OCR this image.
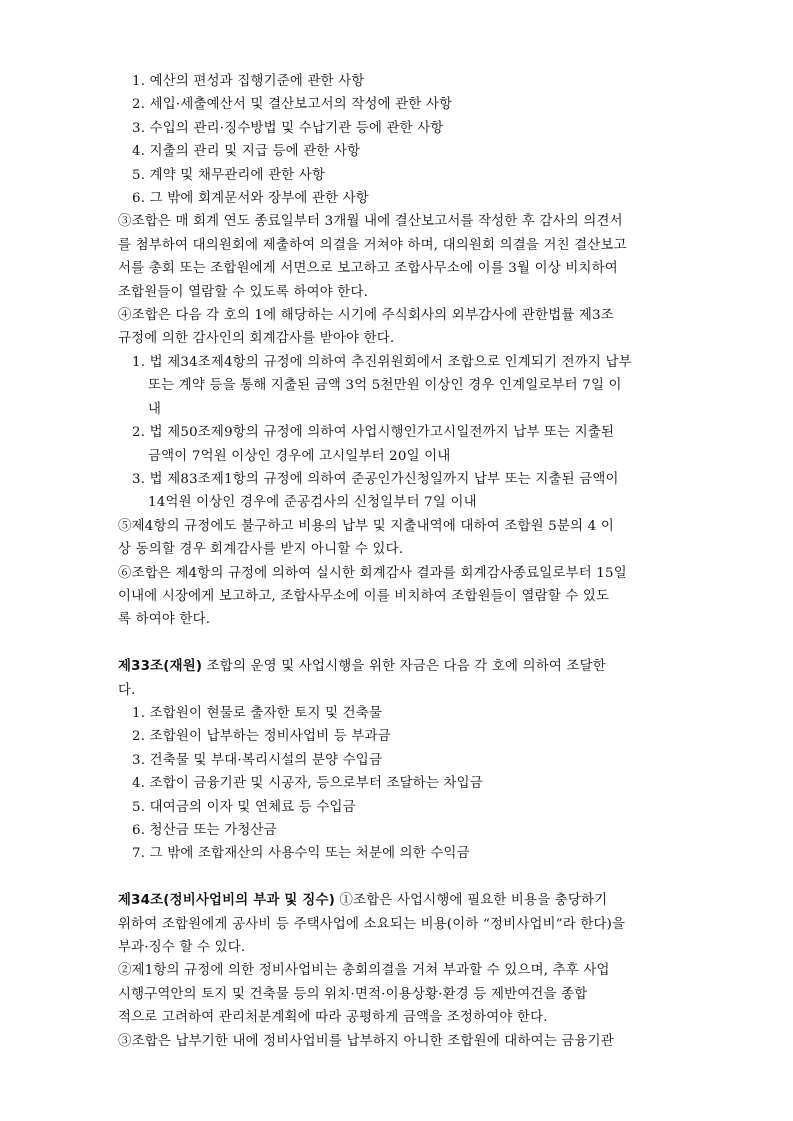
1. 예산의 편성과 집행기준에 관한 사항
2. 세입·세출예산서 및 결산보고서의 작성에 관한 사항
3. 수입의 관리·징수방법 및 수납기관 등에 관한 사항
4. 지출의 관리 및 지급 등에 관한 사항
5. 계약 및 채무관리에 관한 사항
6. 그 밖에 회계문서와 장부에 관한 사항
③조합은 매 회계 연도 종료일부터 3개월 내에 결산보고서를 작성한 후 감사의 의견서
를 첨부하여 대의원회에 제출하여 의결을 거쳐야 하며, 대의원회 의결을 거친 결산보고
서를 총회 또는 조합원에게 서면으로 보고하고 조합사무소에 이를 3월 이상 비치하여
조합원들이 열람할 수 있도록 하여야 한다.
④조합은 다음 각 호의 1에 해당하는 시기에 주식회사의 외부감사에 관한법률 제3조
규정에 의한 감사인의 회계감사를 받아야 한다.
1. 법 제34조제4항의 규정에 의하여 추진위원회에서 조합으로 인계되기 전까지 납부
또는 계약 등을 통해 지출된 금액 3억 5천만원 이상인 경우 인계일로부터 7일 이
내
2. 법 제50조제9항의 규정에 의하여 사업시행인가고시일전까지 납부 또는 지출된
금액이 7억원 이상인 경우에 고시일부터 20일 이내
3. 법 제83조제1항의 규정에 의하여 준공인가신청일까지 납부 또는 지출된 금액이
14억원 이상인 경우에 준공검사의 신청일부터 7일 이내
⑤제4항의 규정에도 불구하고 비용의 납부 및 지출내역에 대하여 조합원 5분의 4 이
상 동의할 경우 회계감사를 받지 아니할 수 있다.
⑥조합은 제4항의 규정에 의하여 실시한 회계감사 결과를 회계감사종료일로부터 15일
이내에 시장에게 보고하고, 조합사무소에 이를 비치하여 조합원들이 열람할 수 있도
록 하여야 한다.
제33조(재원) 조합의 운영 및 사업시행을 위한 자금은 다음 각 호에 의하여 조달한
다.
1. 조합원이 현물로 출자한 토지 및 건축물
2. 조합원이 납부하는 정비사업비 등 부과금
3. 건축물 및 부대·복리시설의 분양 수입금
4. 조합이 금융기관 및 시공자, 등으로부터 조달하는 차입금
5. 대여금의 이자 및 연체료 등 수입금
6. 청산금 또는 가청산금
7. 그 밖에 조합재산의 사용수익 또는 처분에 의한 수익금
제34조(정비사업비의 부과 및 징수) ①조합은 사업시행에 필요한 비용을 충당하기
위하여 조합원에게 공사비 등 주택사업에 소요되는 비용(이하 “정비사업비”라 한다)을
부과·징수 할 수 있다.
②제1항의 규정에 의한 정비사업비는 총회의결을 거쳐 부과할 수 있으며, 추후 사업
시행구역안의 토지 및 건축물 등의 위치·면적·이용상황·환경 등 제반여건을 종합
적으로 고려하여 관리처분계획에 따라 공평하게 금액을 조정하여야 한다.
③조합은 납부기한 내에 정비사업비를 납부하지 아니한 조합원에 대하여는 금융기관
